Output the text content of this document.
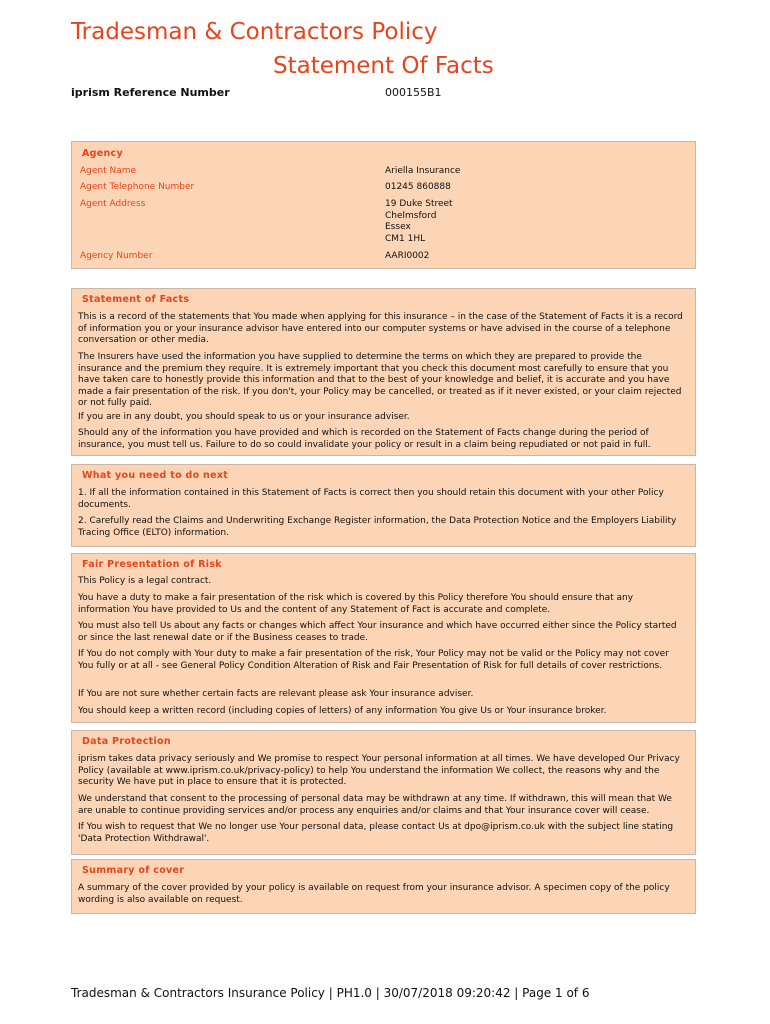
Tradesman & Contractors Policy
Statement Of Facts
iprism Reference Number	000155B1
Agency
Agent Name	Ariella Insurance
Agent Telephone Number	01245 860888
Agent Address	19 Duke Street
Chelmsford
Essex
CM1 1HL
Agency Number	AARI0002
Statement of Facts

This is a record of the statements that You made when applying for this insurance – in the case of the Statement of Facts it is a record of information you or your insurance advisor have entered into our computer systems or have advised in the course of a telephone conversation or other media.

The Insurers have used the information you have supplied to determine the terms on which they are prepared to provide the insurance and the premium they require. It is extremely important that you check this document most carefully to ensure that you have taken care to honestly provide this information and that to the best of your knowledge and belief, it is accurate and you have made a fair presentation of the risk. If you don't, your Policy may be cancelled, or treated as if it never existed, or your claim rejected or not fully paid.

If you are in any doubt, you should speak to us or your insurance adviser.

Should any of the information you have provided and which is recorded on the Statement of Facts change during the period of insurance, you must tell us. Failure to do so could invalidate your policy or result in a claim being repudiated or not paid in full.

What you need to do next

1. If all the information contained in this Statement of Facts is correct then you should retain this document with your other Policy documents.

2. Carefully read the Claims and Underwriting Exchange Register information, the Data Protection Notice and the Employers Liability Tracing Office (ELTO) information.

Fair Presentation of Risk

This Policy is a legal contract.

You have a duty to make a fair presentation of the risk which is covered by this Policy therefore You should ensure that any information You have provided to Us and the content of any Statement of Fact is accurate and complete.

You must also tell Us about any facts or changes which affect Your insurance and which have occurred either since the Policy started or since the last renewal date or if the Business ceases to trade.

If You do not comply with Your duty to make a fair presentation of the risk, Your Policy may not be valid or the Policy may not cover You fully or at all - see General Policy Condition Alteration of Risk and Fair Presentation of Risk for full details of cover restrictions.

If You are not sure whether certain facts are relevant please ask Your insurance adviser.

You should keep a written record (including copies of letters) of any information You give Us or Your insurance broker.

Data Protection

iprism takes data privacy seriously and We promise to respect Your personal information at all times. We have developed Our Privacy Policy (available at www.iprism.co.uk/privacy-policy) to help You understand the information We collect, the reasons why and the security We have put in place to ensure that it is protected.

We understand that consent to the processing of personal data may be withdrawn at any time. If withdrawn, this will mean that We are unable to continue providing services and/or process any enquiries and/or claims and that Your insurance cover will cease.

If You wish to request that We no longer use Your personal data, please contact Us at dpo@iprism.co.uk with the subject line stating 'Data Protection Withdrawal'.

Summary of cover

A summary of the cover provided by your policy is available on request from your insurance advisor. A specimen copy of the policy wording is also available on request.

Tradesman & Contractors Insurance Policy | PH1.0 | 30/07/2018 09:20:42 | Page 1 of 6
